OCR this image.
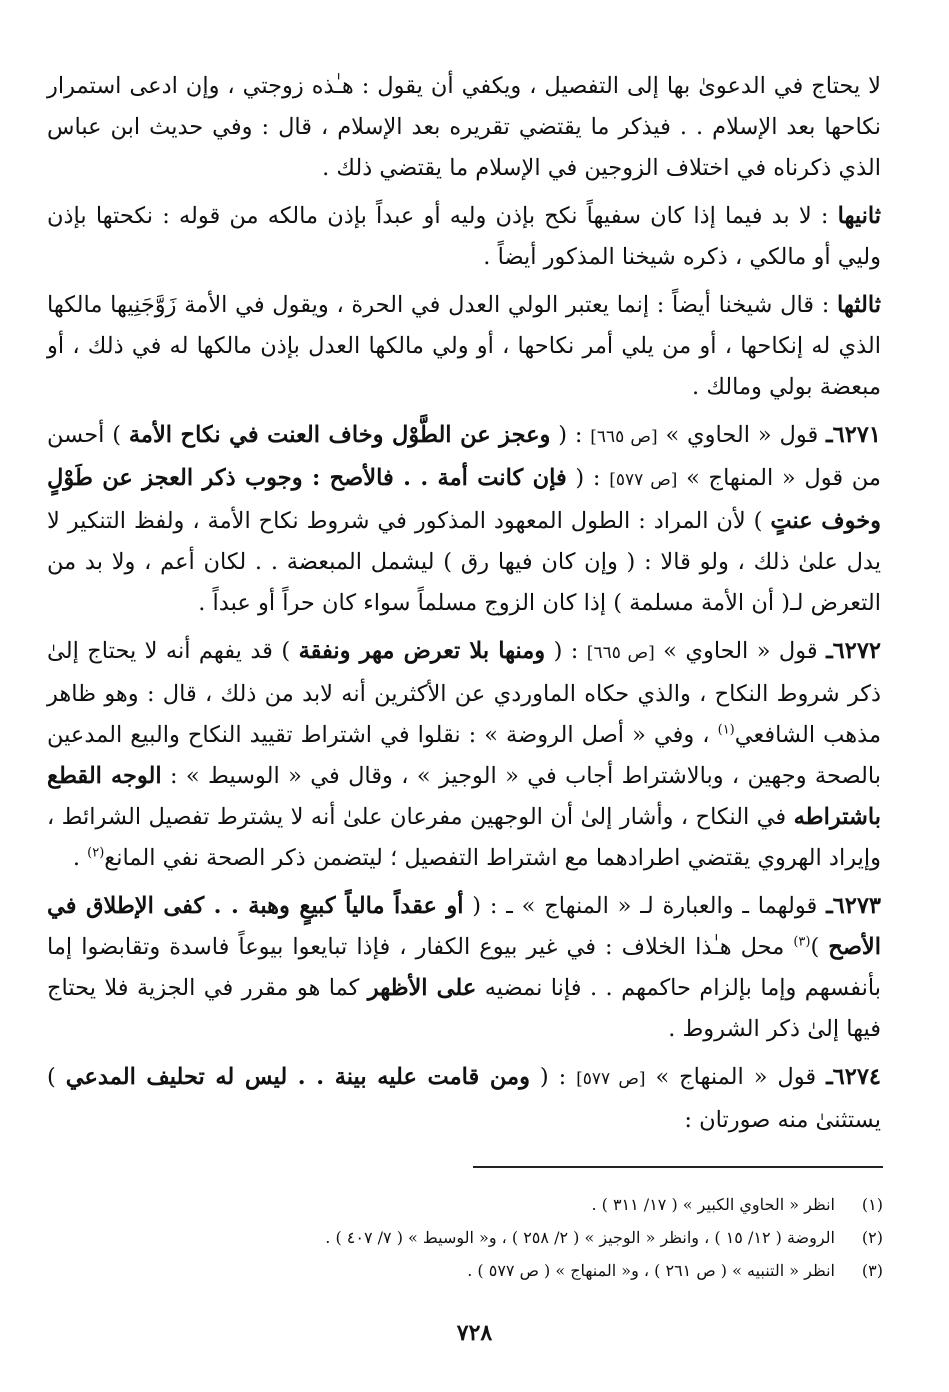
لا يحتاج في الدعوىٰ بها إلى التفصيل ، ويكفي أن يقول : هـٰذه زوجتي ، وإن ادعى استمرار نكاحها بعد الإسلام . . فيذكر ما يقتضي تقريره بعد الإسلام ، قال : وفي حديث ابن عباس الذي ذكرناه في اختلاف الزوجين في الإسلام ما يقتضي ذلك .

ثانيها : لا بد فيما إذا كان سفيهاً نكح بإذن وليه أو عبداً بإذن مالكه من قوله : نكحتها بإذن وليي أو مالكي ، ذكره شيخنا المذكور أيضاً .

ثالثها : قال شيخنا أيضاً : إنما يعتبر الولي العدل في الحرة ، ويقول في الأمة زَوَّجَنِيها مالكها الذي له إنكاحها ، أو من يلي أمر نكاحها ، أو ولي مالكها العدل بإذن مالكها له في ذلك ، أو مبعضة بولي ومالك .

٦٢٧١ـ قول « الحاوي » [ص ٦٦٥] : ( وعجز عن الطَّوْل وخاف العنت في نكاح الأمة ) أحسن من قول « المنهاج » [ص ٥٧٧] : ( فإن كانت أمة . . فالأصح : وجوب ذكر العجز عن طَوْلٍ وخوف عنتٍ ) لأن المراد : الطول المعهود المذكور في شروط نكاح الأمة ، ولفظ التنكير لا يدل علىٰ ذلك ، ولو قالا : ( وإن كان فيها رق ) ليشمل المبعضة . . لكان أعم ، ولا بد من التعرض لـ( أن الأمة مسلمة ) إذا كان الزوج مسلماً سواء كان حراً أو عبداً .

٦٢٧٢ـ قول « الحاوي » [ص ٦٦٥] : ( ومنها بلا تعرض مهر ونفقة ) قد يفهم أنه لا يحتاج إلىٰ ذكر شروط النكاح ، والذي حكاه الماوردي عن الأكثرين أنه لابد من ذلك ، قال : وهو ظاهر مذهب الشافعي$^{(١)}$ ، وفي « أصل الروضة » : نقلوا في اشتراط تقييد النكاح والبيع المدعين بالصحة وجهين ، وبالاشتراط أجاب في « الوجيز » ، وقال في « الوسيط » : الوجه القطع باشتراطه في النكاح ، وأشار إلىٰ أن الوجهين مفرعان علىٰ أنه لا يشترط تفصيل الشرائط ، وإيراد الهروي يقتضي اطرادهما مع اشتراط التفصيل ؛ ليتضمن ذكر الصحة نفي المانع$^{(٢)}$ .

٦٢٧٣ـ قولهما ـ والعبارة لـ « المنهاج » ـ : ( أو عقداً مالياً كبيعٍ وهبة . . كفى الإطلاق في الأصح )$^{(٣)}$ محل هـٰذا الخلاف : في غير بيوع الكفار ، فإذا تبايعوا بيوعاً فاسدة وتقابضوا إما بأنفسهم وإما بإلزام حاكمهم . . فإنا نمضيه على الأظهر كما هو مقرر في الجزية فلا يحتاج فيها إلىٰ ذكر الشروط .

٦٢٧٤ـ قول « المنهاج » [ص ٥٧٧] : ( ومن قامت عليه بينة . . ليس له تحليف المدعي ) يستثنىٰ منه صورتان :

(١)انظر « الحاوي الكبير » ( ١٧/ ٣١١ ) .
(٢)الروضة ( ١٢/ ١٥ ) ، وانظر « الوجيز » ( ٢/ ٢٥٨ ) ، و« الوسيط » ( ٧/ ٤٠٧ ) .
(٣)انظر « التنبيه » ( ص ٢٦١ ) ، و« المنهاج » ( ص ٥٧٧ ) .
٧٢٨
